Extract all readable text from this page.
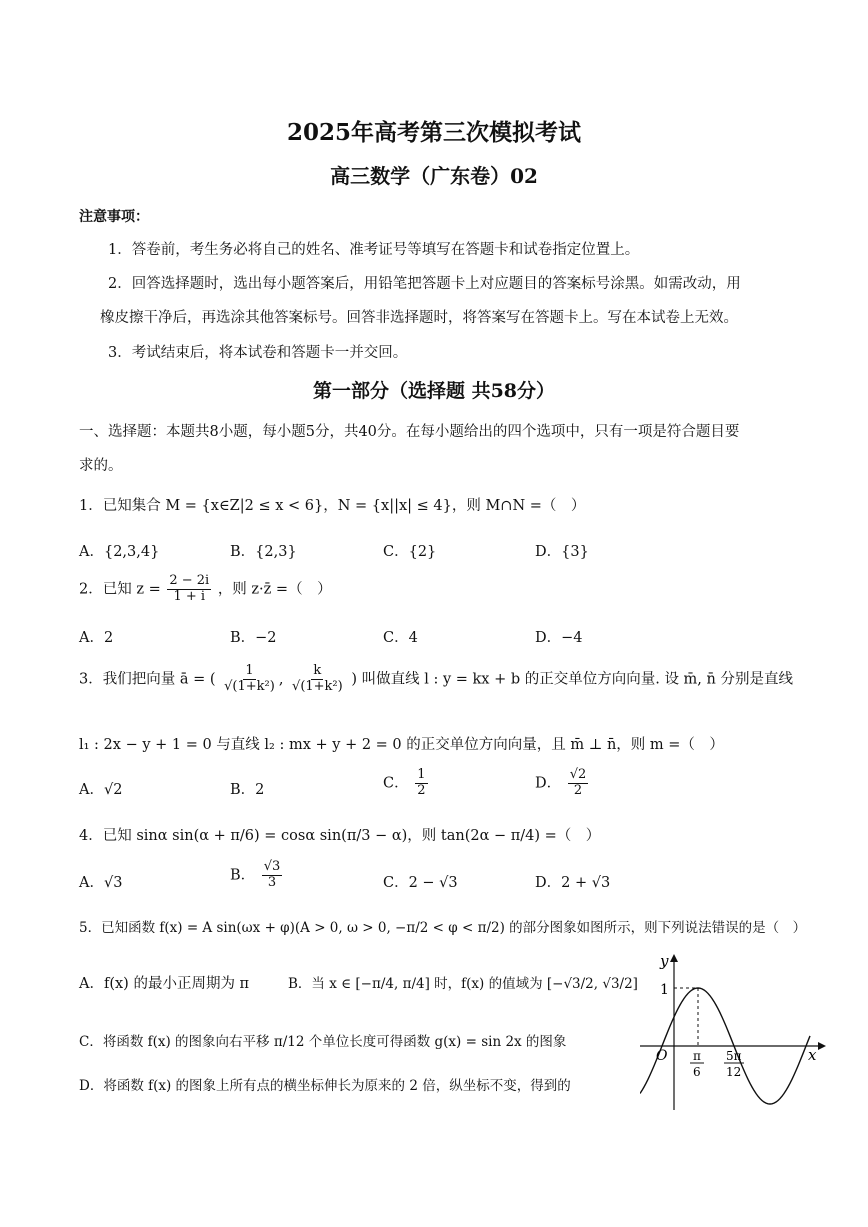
2025年高考第三次模拟考试
高三数学（广东卷）02
注意事项：
1．答卷前，考生务必将自己的姓名、准考证号等填写在答题卡和试卷指定位置上。
2．回答选择题时，选出每小题答案后，用铅笔把答题卡上对应题目的答案标号涂黑。如需改动，用
橡皮擦干净后，再选涂其他答案标号。回答非选择题时，将答案写在答题卡上。写在本试卷上无效。
3．考试结束后，将本试卷和答题卡一并交回。
第一部分（选择题 共58分）
一、选择题：本题共8小题，每小题5分，共40分。在每小题给出的四个选项中，只有一项是符合题目要
求的。
1．已知集合 M = {x∈Z|2 ≤ x < 6}，N = {x||x| ≤ 4}，则 M∩N =（　）
A．{2,3,4}	B．{2,3}	C．{2}	D．{3}
2．已知 $z = \frac{2 - 2i}{1 + i}$ ，则 z·z̄ =（　）
A．2	B．−2	C．4	D．−4
3．我们把向量 ā = ( $\frac{1}{\text{√(1+k²)}}$ , $\frac{k}{\text{√(1+k²)}}$ ) 叫做直线 l : y = kx + b 的正交单位方向向量. 设 m̄, n̄ 分别是直线
l₁ : 2x − y + 1 = 0 与直线 l₂ : mx + y + 2 = 0 的正交单位方向向量，且 m̄ ⊥ n̄，则 m =（　）
A．√2	B．2	C． $\frac{1}{2}$	D． $\frac{√2}{2}$
4．已知 sinα sin(α + π/6) = cosα sin(π/3 − α)，则 tan(2α − π/4) =（　）
A．√3	B． $\frac{√3}{3}$	C．2 − √3	D．2 + √3
5．已知函数 f(x) = A sin(ωx + φ)(A > 0, ω > 0, −π/2 < φ < π/2) 的部分图象如图所示，则下列说法错误的是（　）
A．f(x) 的最小正周期为 π	B．当 x ∈ [−π/4, π/4] 时，f(x) 的值域为 [−√3/2, √3/2]
C．将函数 f(x) 的图象向右平移 π/12 个单位长度可得函数 g(x) = sin 2x 的图象
D．将函数 f(x) 的图象上所有点的横坐标伸长为原来的 2 倍，纵坐标不变，得到的
y
x
O
1
π
6
5π
12
